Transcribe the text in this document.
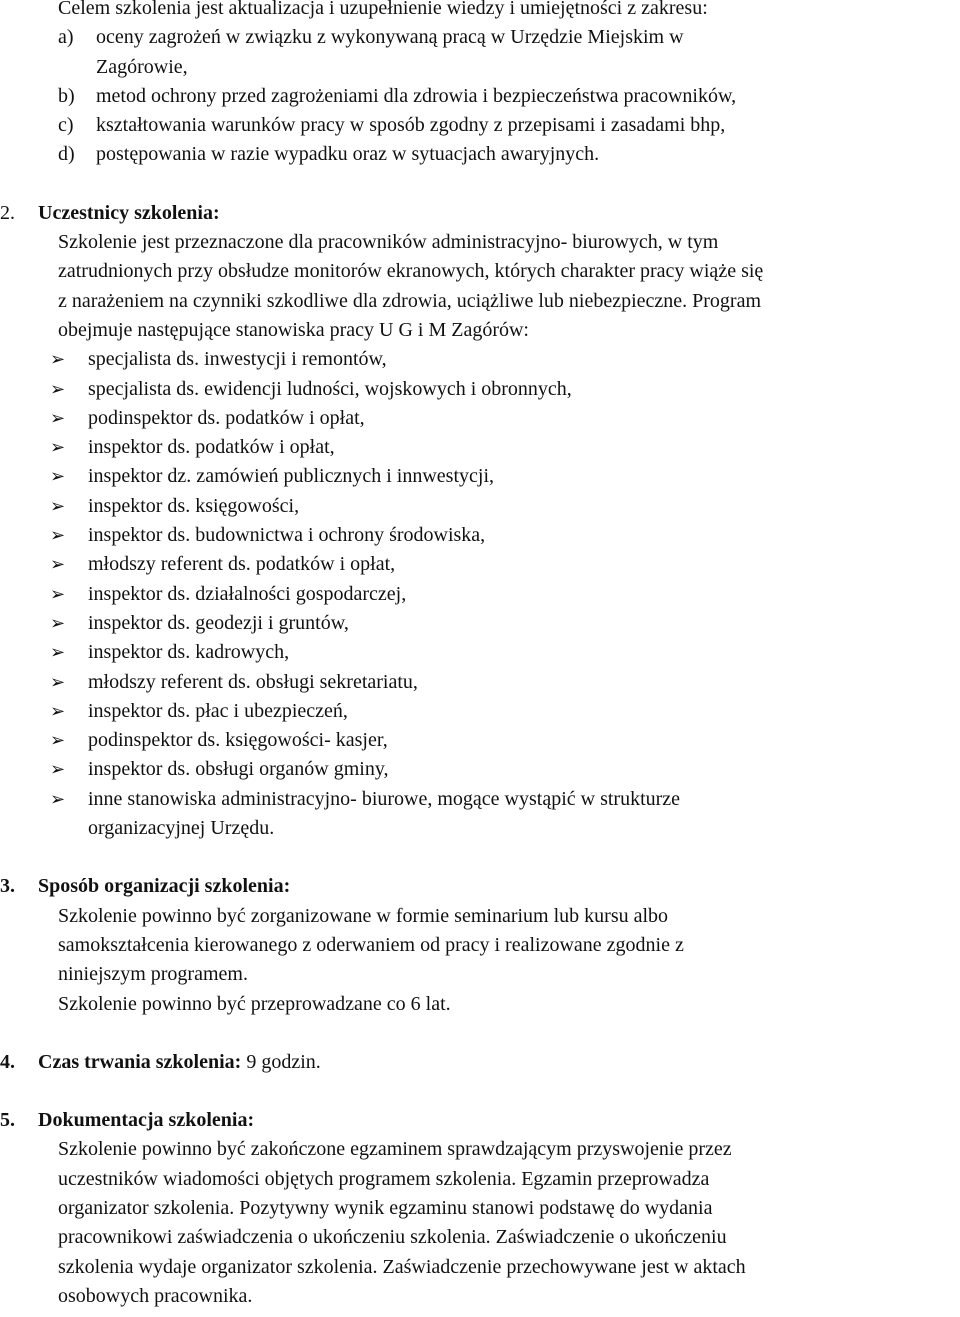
Celem szkolenia jest aktualizacja i uzupełnienie wiedzy i umiejętności z zakresu:
a)	oceny zagrożeń w związku z wykonywaną pracą w Urzędzie Miejskim w
Zagórowie,
b)	metod ochrony przed zagrożeniami dla zdrowia i bezpieczeństwa pracowników,
c)	kształtowania warunków pracy w sposób zgodny z przepisami i zasadami bhp,
d)	postępowania w razie wypadku oraz w sytuacjach awaryjnych.
2.	Uczestnicy szkolenia:
Szkolenie jest przeznaczone dla pracowników administracyjno- biurowych, w tym
zatrudnionych przy obsłudze monitorów ekranowych, których charakter pracy wiąże się
z narażeniem na czynniki szkodliwe dla zdrowia, uciążliwe lub niebezpieczne. Program
obejmuje następujące stanowiska pracy U G i M Zagórów:
➢	specjalista ds. inwestycji i remontów,
➢	specjalista ds. ewidencji ludności, wojskowych i obronnych,
➢	podinspektor ds. podatków i opłat,
➢	inspektor ds. podatków i opłat,
➢	inspektor dz. zamówień publicznych i innwestycji,
➢	inspektor ds. księgowości,
➢	inspektor ds. budownictwa i ochrony środowiska,
➢	młodszy referent ds. podatków i opłat,
➢	inspektor ds. działalności gospodarczej,
➢	inspektor ds. geodezji i gruntów,
➢	inspektor ds. kadrowych,
➢	młodszy referent ds. obsługi sekretariatu,
➢	inspektor ds. płac i ubezpieczeń,
➢	podinspektor ds. księgowości- kasjer,
➢	inspektor ds. obsługi organów gminy,
➢	inne stanowiska administracyjno- biurowe, mogące wystąpić w strukturze
organizacyjnej Urzędu.
3.	Sposób organizacji szkolenia:
Szkolenie powinno być zorganizowane w formie seminarium lub kursu albo
samokształcenia kierowanego z oderwaniem od pracy i realizowane zgodnie z
niniejszym programem.
Szkolenie powinno być przeprowadzane co 6 lat.
4.	Czas trwania szkolenia: 9 godzin.
5.	Dokumentacja szkolenia:
Szkolenie powinno być zakończone egzaminem sprawdzającym przyswojenie przez
uczestników wiadomości objętych programem szkolenia. Egzamin przeprowadza
organizator szkolenia. Pozytywny wynik egzaminu stanowi podstawę do wydania
pracownikowi zaświadczenia o ukończeniu szkolenia. Zaświadczenie o ukończeniu
szkolenia wydaje organizator szkolenia. Zaświadczenie przechowywane jest w aktach
osobowych pracownika.
